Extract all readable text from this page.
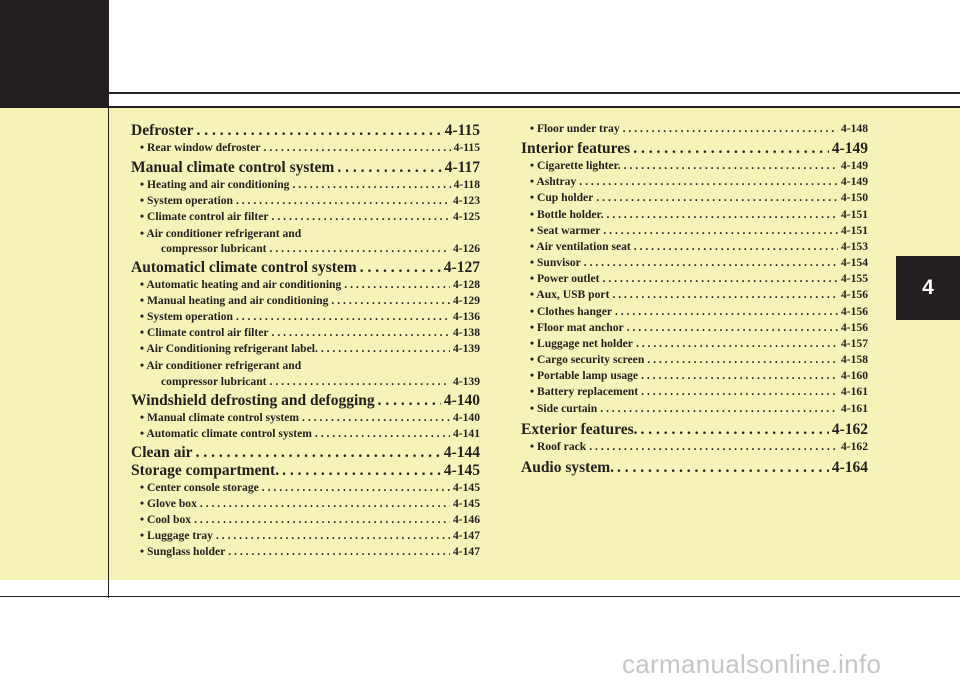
4
Defroster . . .	4-115
• Rear window defroster . . .	4-115
Manual climate control system . . .	4-117
• Heating and air conditioning . . .	4-118
• System operation . . .	4-123
• Climate control air filter . . .	4-125
• Air conditioner refrigerant and
compressor lubricant . . .	4-126
Automaticl climate control system . . .	4-127
• Automatic heating and air conditioning . . .	4-128
• Manual heating and air conditioning . . .	4-129
• System operation . . .	4-136
• Climate control air filter . . .	4-138
• Air Conditioning refrigerant label. . . .	4-139
• Air conditioner refrigerant and
compressor lubricant . . .	4-139
Windshield defrosting and defogging . . .	4-140
• Manual climate control system . . .	4-140
• Automatic climate control system . . .	4-141
Clean air . . .	4-144
Storage compartment. . . .	4-145
• Center console storage . . .	4-145
• Glove box . . .	4-145
• Cool box . . .	4-146
• Luggage tray . . .	4-147
• Sunglass holder . . .	4-147
• Floor under tray . . .	4-148
Interior features . . .	4-149
• Cigarette lighter. . . .	4-149
• Ashtray . . .	4-149
• Cup holder . . .	4-150
• Bottle holder. . . .	4-151
• Seat warmer . . .	4-151
• Air ventilation seat . . .	4-153
• Sunvisor . . .	4-154
• Power outlet . . .	4-155
• Aux, USB port . . .	4-156
• Clothes hanger . . .	4-156
• Floor mat anchor . . .	4-156
• Luggage net holder . . .	4-157
• Cargo security screen . . .	4-158
• Portable lamp usage . . .	4-160
• Battery replacement . . .	4-161
• Side curtain . . .	4-161
Exterior features. . . .	4-162
• Roof rack . . .	4-162
Audio system. . . .	4-164
carmanualsonline.info
